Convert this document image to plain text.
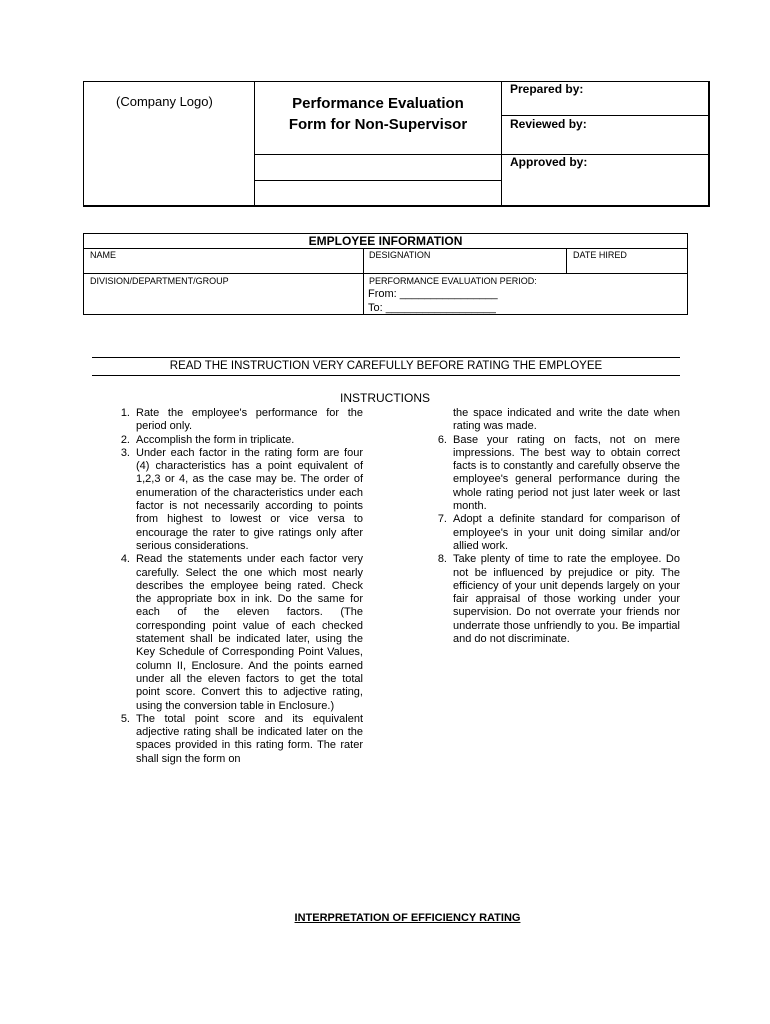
(Company Logo)	Performance Evaluation
Form for Non-Supervisor
Prepared by:
Reviewed by:
Approved by:
EMPLOYEE INFORMATION
NAME	DESIGNATION	DATE HIRED
DIVISION/DEPARTMENT/GROUP	PERFORMANCE EVALUATION PERIOD:
From: ________________
To: __________________
READ THE INSTRUCTION VERY CAREFULLY BEFORE RATING THE EMPLOYEE
INSTRUCTIONS
1. Rate the employee's performance for the period only.

2. Accomplish the form in triplicate.

3. Under each factor in the rating form are four (4) characteristics has a point equivalent of 1,2,3 or 4, as the case may be. The order of enumeration of the characteristics under each factor is not necessarily according to points from highest to lowest or vice versa to encourage the rater to give ratings only after serious considerations.

4. Read the statements under each factor very carefully. Select the one which most nearly describes the employee being rated. Check the appropriate box in ink. Do the same for each of the eleven factors. (The corresponding point value of each checked statement shall be indicated later, using the Key Schedule of Corresponding Point Values, column II, Enclosure. And the points earned under all the eleven factors to get the total point score. Convert this to adjective rating, using the conversion table in Enclosure.)

5. The total point score and its equivalent adjective rating shall be indicated later on the spaces provided in this rating form. The rater shall sign the form on

the space indicated and write the date when rating was made.

6. Base your rating on facts, not on mere impressions. The best way to obtain correct facts is to constantly and carefully observe the employee's general performance during the whole rating period not just later week or last month.

7. Adopt a definite standard for comparison of employee's in your unit doing similar and/or allied work.

8. Take plenty of time to rate the employee. Do not be influenced by prejudice or pity. The efficiency of your unit depends largely on your fair appraisal of those working under your supervision. Do not overrate your friends nor underrate those unfriendly to you. Be impartial and do not discriminate.

INTERPRETATION OF EFFICIENCY RATING
